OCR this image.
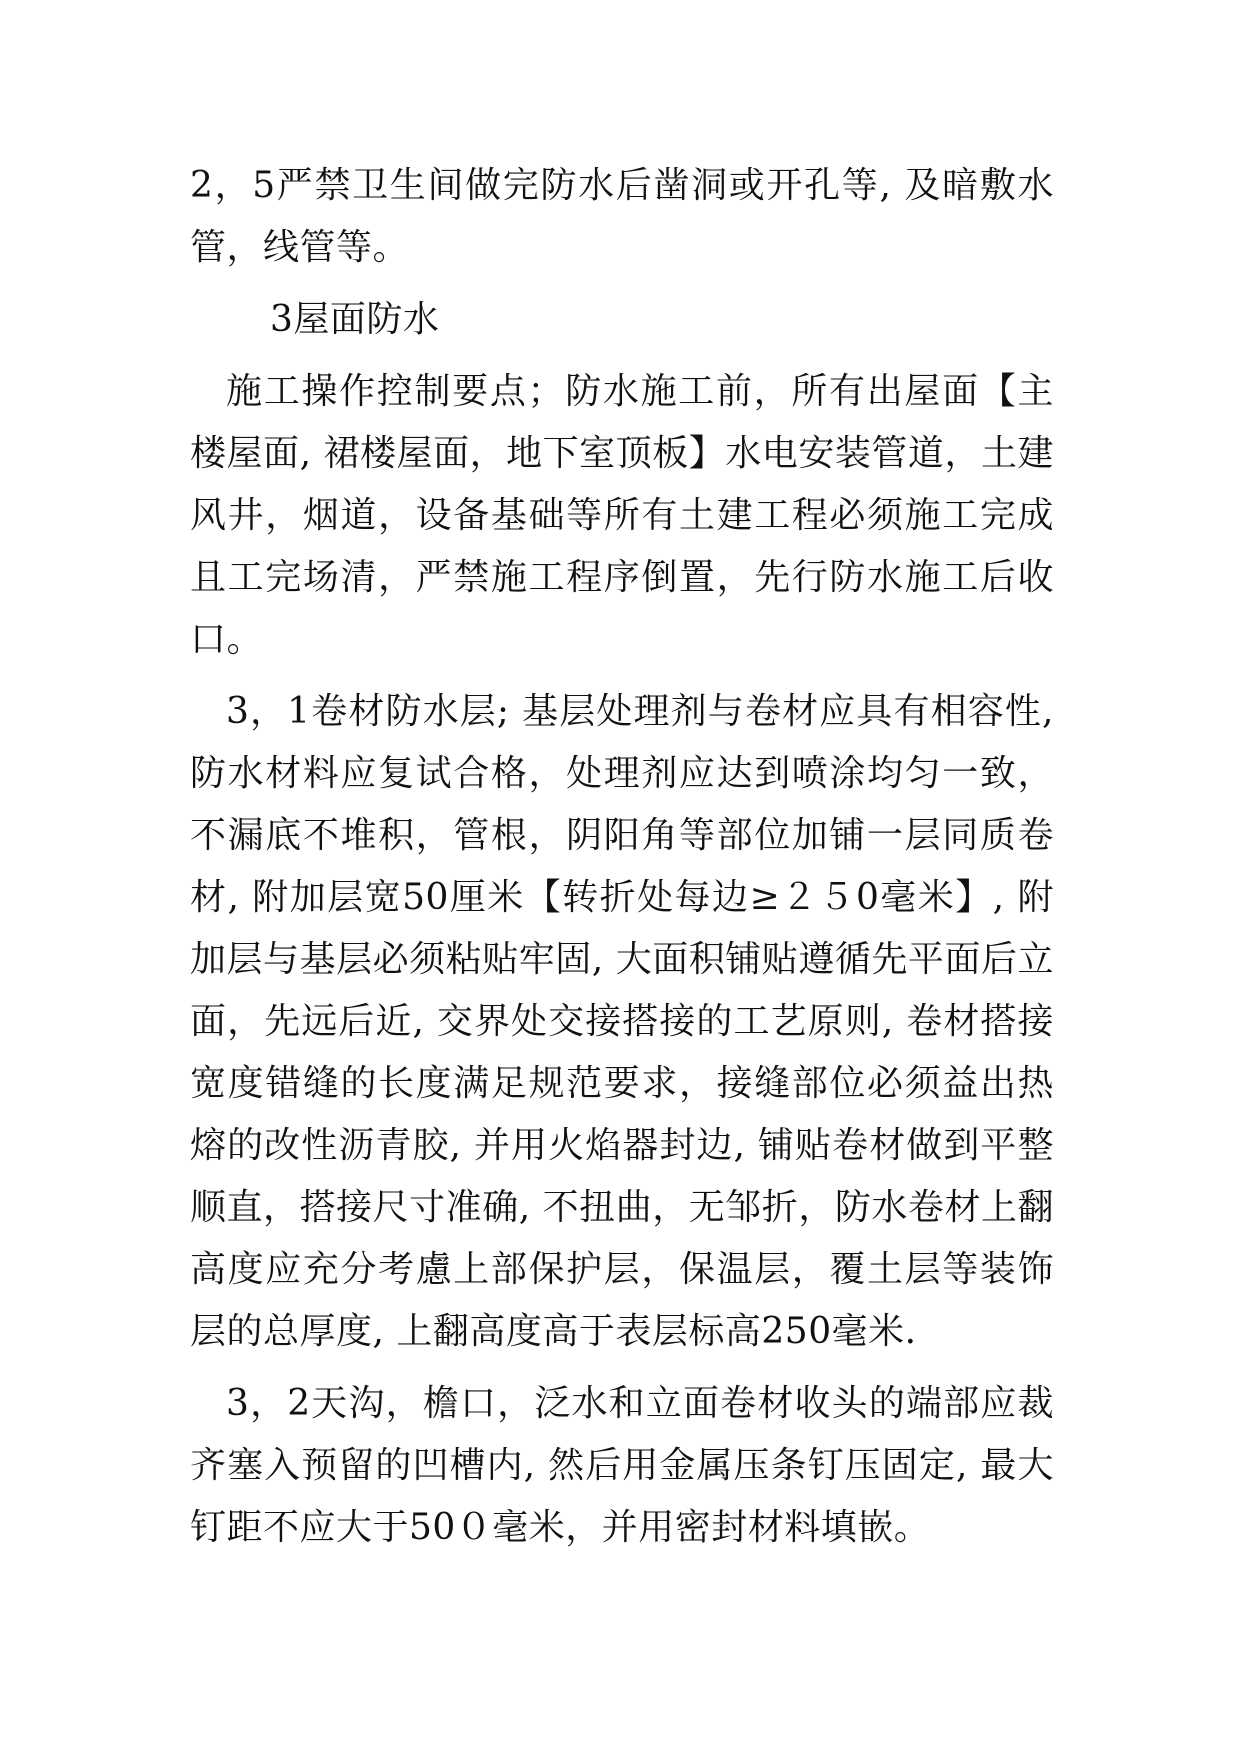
2，5严禁卫生间做完防水后凿洞或开孔等, 及暗敷水管，线管等。

3屋面防水

施工操作控制要点；防水施工前，所有出屋面【主楼屋面, 裙楼屋面，地下室顶板】水电安装管道，土建风井，烟道，设备基础等所有土建工程必须施工完成且工完场清，严禁施工程序倒置，先行防水施工后收口。

3，1卷材防水层; 基层处理剂与卷材应具有相容性, 防水材料应复试合格，处理剂应达到喷涂均匀一致，不漏底不堆积，管根，阴阳角等部位加铺一层同质卷材, 附加层宽50厘米【转折处每边≥２５0毫米】, 附加层与基层必须粘贴牢固, 大面积铺贴遵循先平面后立面，先远后近, 交界处交接搭接的工艺原则, 卷材搭接宽度错缝的长度满足规范要求，接缝部位必须益出热熔的改性沥青胶, 并用火焰器封边, 铺贴卷材做到平整顺直，搭接尺寸准确, 不扭曲，无邹折，防水卷材上翻高度应充分考慮上部保护层，保温层，覆土层等装饰层的总厚度, 上翻高度高于表层标高250毫米.

3，2天沟，檐口，泛水和立面卷材收头的端部应裁齐塞入预留的凹槽内, 然后用金属压条钉压固定, 最大钉距不应大于50０毫米，并用密封材料填嵌。
